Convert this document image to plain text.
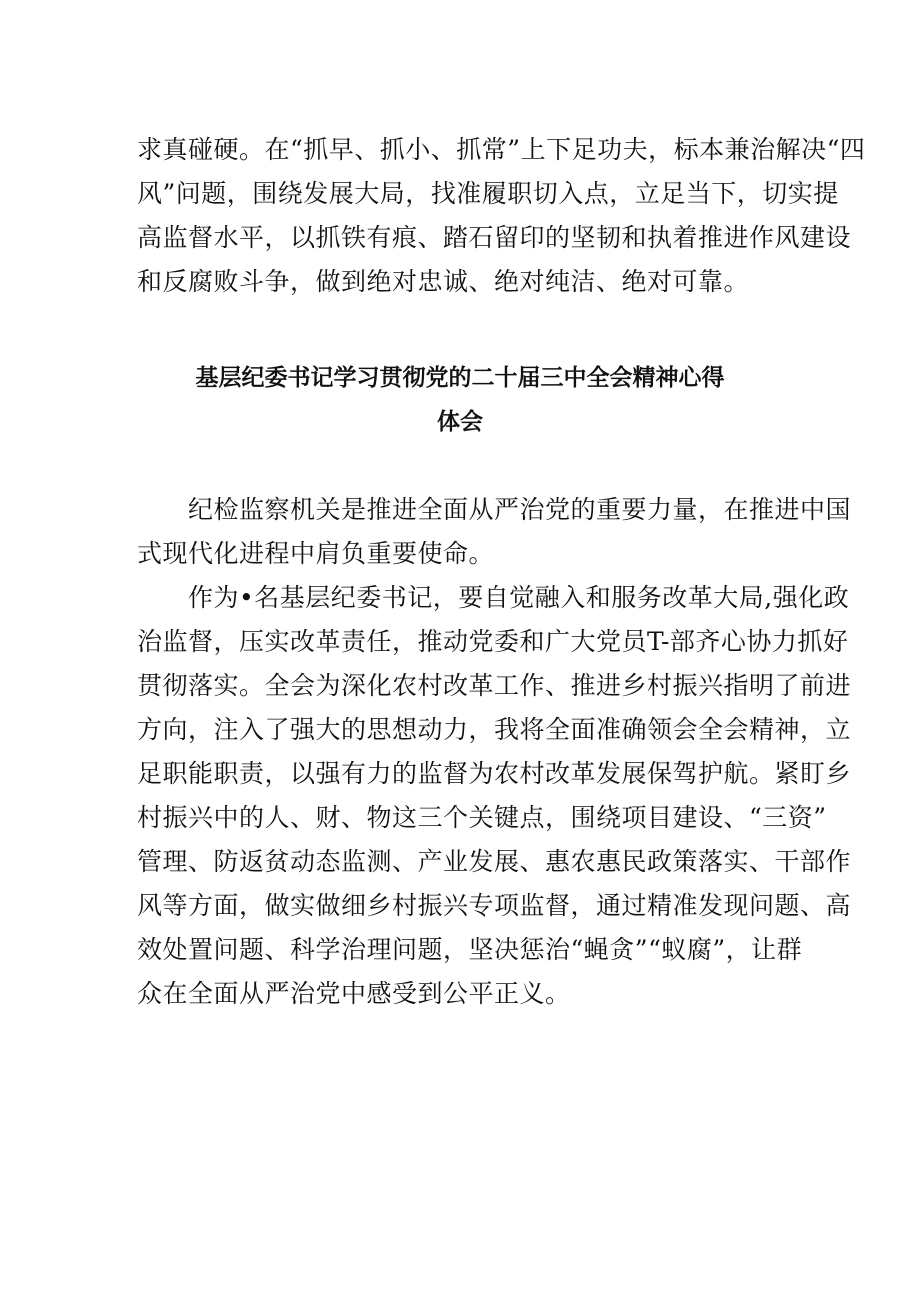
求真碰硬。在“抓早、抓小、抓常”上下足功夫，标本兼治解决“四
风”问题，围绕发展大局，找准履职切入点，立足当下，切实提
高监督水平，以抓铁有痕、踏石留印的坚韧和执着推进作风建设
和反腐败斗争，做到绝对忠诚、绝对纯洁、绝对可靠。
基层纪委书记学习贯彻党的二十届三中全会精神心得
体会
　　纪检监察机关是推进全面从严治党的重要力量，在推进中国
式现代化进程中肩负重要使命。
　　作为•名基层纪委书记，要自觉融入和服务改革大局,强化政
治监督，压实改革责任，推动党委和广大党员T-部齐心协力抓好
贯彻落实。全会为深化农村改革工作、推进乡村振兴指明了前进
方向，注入了强大的思想动力，我将全面准确领会全会精神，立
足职能职责，以强有力的监督为农村改革发展保驾护航。紧盯乡
村振兴中的人、财、物这三个关键点，围绕项目建设、“三资”
管理、防返贫动态监测、产业发展、惠农惠民政策落实、干部作
风等方面，做实做细乡村振兴专项监督，通过精准发现问题、高
效处置问题、科学治理问题，坚决惩治“蝇贪”“蚁腐”，让群
众在全面从严治党中感受到公平正义。
